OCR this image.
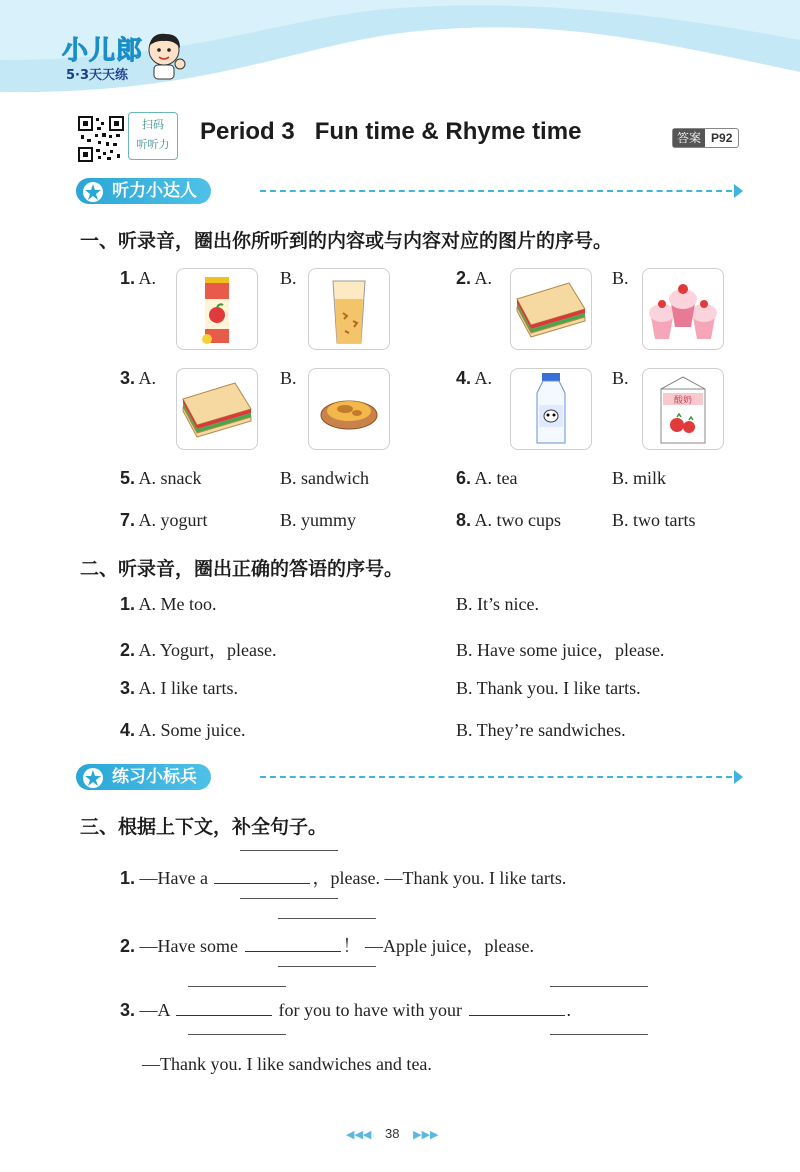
小儿郎
5·3天天练
扫码
听听力	Period 3   Fun time & Rhyme time	答案 P92
听力小达人
一、听录音，圈出你所听到的内容或与内容对应的图片的序号。
1. A.	B.	2. A.	B.
3. A.	B.	4. A.	B.
酸奶
5. A. snack	B. sandwich	6. A. tea	B. milk
7. A. yogurt	B. yummy	8. A. two cups	B. two tarts
二、听录音，圈出正确的答语的序号。
1. A. Me too.	B. It’s nice.
2. A. Yogurt，please.	B. Have some juice，please.
3. A. I like tarts.	B. Thank you. I like tarts.
4. A. Some juice.	B. They’re sandwiches.
练习小标兵
三、根据上下文，补全句子。
1. —Have a	，please. —Thank you. I like tarts.
2. —Have some	！ —Apple juice，please.
3. —A	for you to have with your	.
—Thank you. I like sandwiches and tea.
◀◀◀ 38 ▶▶▶
